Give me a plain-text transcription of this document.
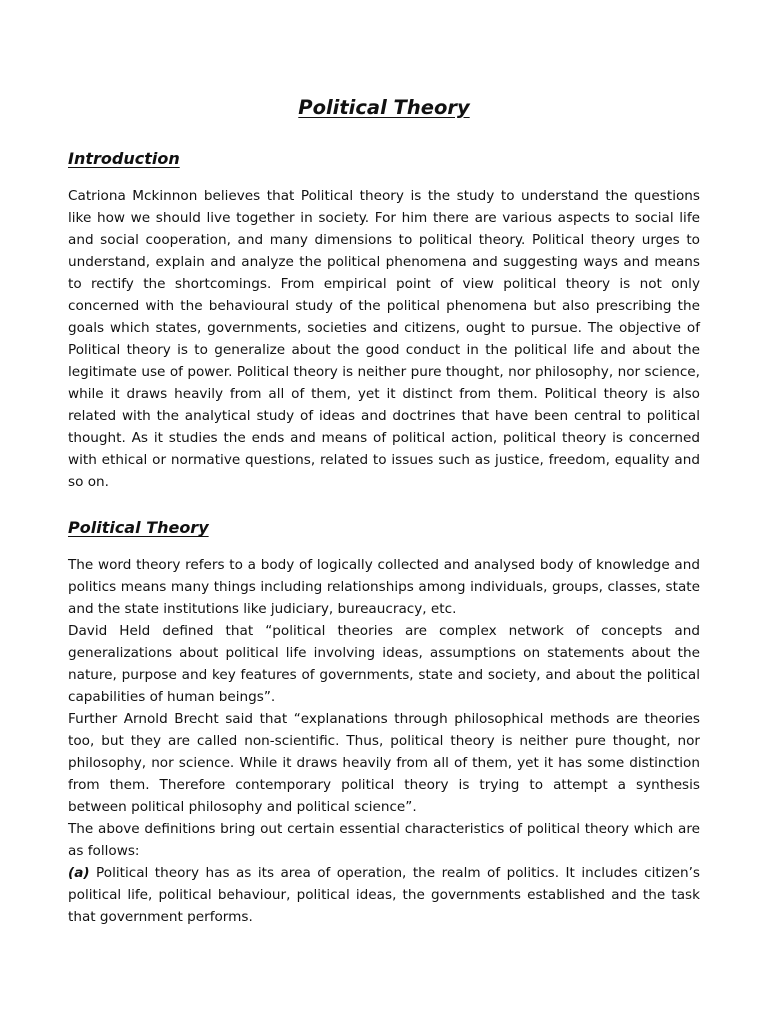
Political Theory
Introduction

Catriona Mckinnon believes that Political theory is the study to understand the questions like how we should live together in society. For him there are various aspects to social life and social cooperation, and many dimensions to political theory. Political theory urges to understand, explain and analyze the political phenomena and suggesting ways and means to rectify the shortcomings. From empirical point of view political theory is not only concerned with the behavioural study of the political phenomena but also prescribing the goals which states, governments, societies and citizens, ought to pursue. The objective of Political theory is to generalize about the good conduct in the political life and about the legitimate use of power. Political theory is neither pure thought, nor philosophy, nor science, while it draws heavily from all of them, yet it distinct from them. Political theory is also related with the analytical study of ideas and doctrines that have been central to political thought. As it studies the ends and means of political action, political theory is concerned with ethical or normative questions, related to issues such as justice, freedom, equality and so on.

Political Theory

The word theory refers to a body of logically collected and analysed body of knowledge and politics means many things including relationships among individuals, groups, classes, state and the state institutions like judiciary, bureaucracy, etc.

David Held defined that “political theories are complex network of concepts and generalizations about political life involving ideas, assumptions on statements about the nature, purpose and key features of governments, state and society, and about the political capabilities of human beings”.

Further Arnold Brecht said that “explanations through philosophical methods are theories too, but they are called non-scientific. Thus, political theory is neither pure thought, nor philosophy, nor science. While it draws heavily from all of them, yet it has some distinction from them. Therefore contemporary political theory is trying to attempt a synthesis between political philosophy and political science”.

The above definitions bring out certain essential characteristics of political theory which are as follows:

(a) Political theory has as its area of operation, the realm of politics. It includes citizen’s political life, political behaviour, political ideas, the governments established and the task that government performs.
